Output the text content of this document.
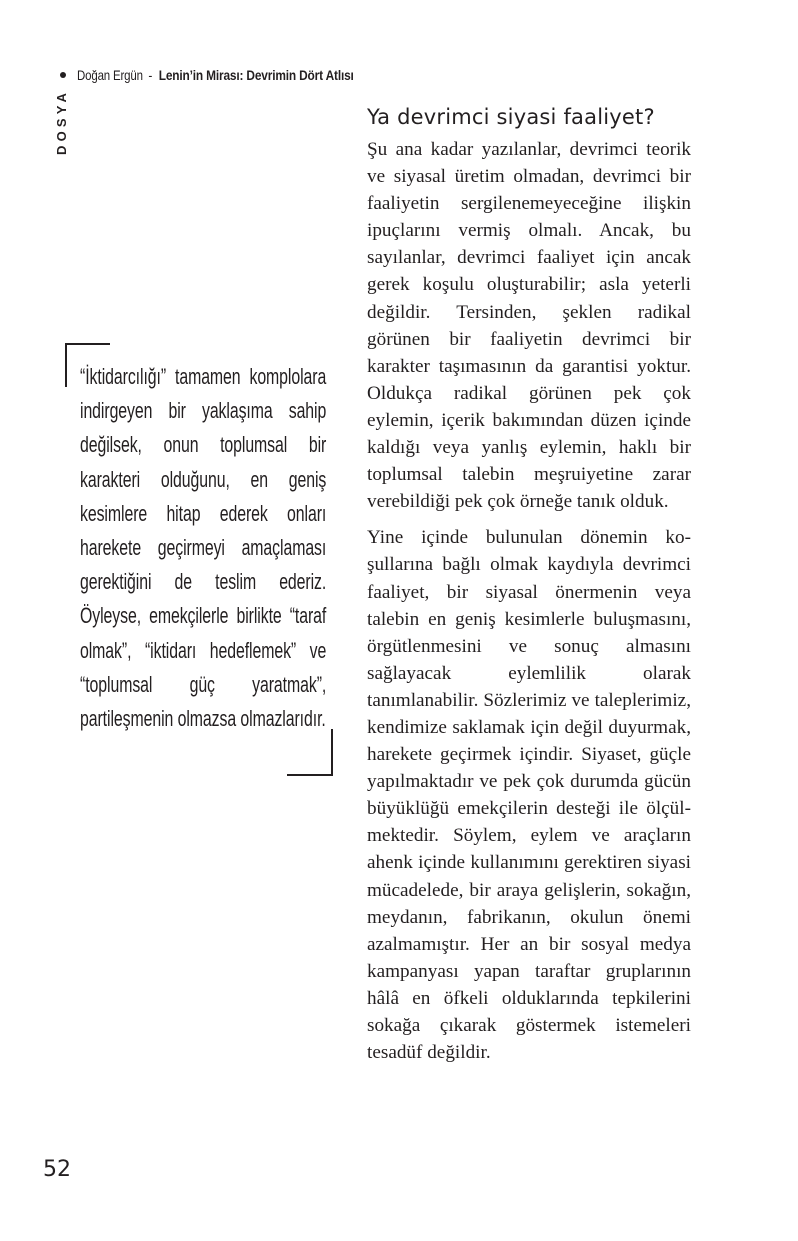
Doğan Ergün - Lenin’in Mirası: Devrimin Dört Atlısı
DOSYA

“İktidarcılığı” tamamen komplolara indirgeyen bir yaklaşıma sahip değilsek, onun toplumsal bir karakteri olduğunu, en geniş kesimlere hitap ederek onları harekete geçirmeyi amaçlaması gerektiğini de teslim ederiz. Öyleyse, emekçilerle birlikte “taraf olmak”, “iktidarı hedeflemek” ve “toplumsal güç yaratmak”, partileşmenin olmazsa olmazlarıdır.

Ya devrimci siyasi faaliyet?

Şu ana kadar yazılanlar, devrimci teorik ve siyasal üretim olmadan, devrimci bir faaliyetin sergilenemeyeceğine ilişkin ipuçlarını vermiş olmalı. Ancak, bu sayılanlar, devrimci faaliyet için ancak gerek koşulu oluşturabilir; asla yeterli değildir. Tersinden, şeklen radikal görünen bir faaliyetin devrimci bir karakter taşımasının da garantisi yoktur. Oldukça radikal görünen pek çok eylemin, içerik bakımından düzen içinde kaldığı veya yanlış eylemin, haklı bir toplumsal talebin meşruiyetine zarar verebildiği pek çok örneğe tanık olduk.

Yine içinde bulunulan dönemin koşullarına bağlı olmak kaydıyla devrimci faaliyet, bir siyasal önermenin veya talebin en geniş kesimlerle buluşmasını, örgütlenmesini ve sonuç almasını sağlayacak eylemlilik olarak tanımlanabilir. Sözlerimiz ve taleplerimiz, kendimize saklamak için değil duyurmak, harekete geçirmek içindir. Siyaset, güçle yapılmaktadır ve pek çok durumda gücün büyüklüğü emekçilerin desteği ile ölçülmektedir. Söylem, eylem ve araçların ahenk içinde kullanımını gerektiren siyasi mücadelede, bir araya gelişlerin, sokağın, meydanın, fabrikanın, okulun önemi azalmamıştır. Her an bir sosyal medya kampanyası yapan taraftar gruplarının hâlâ en öfkeli olduklarında tepkilerini sokağa çıkarak göstermek istemeleri tesadüf değildir.

52
